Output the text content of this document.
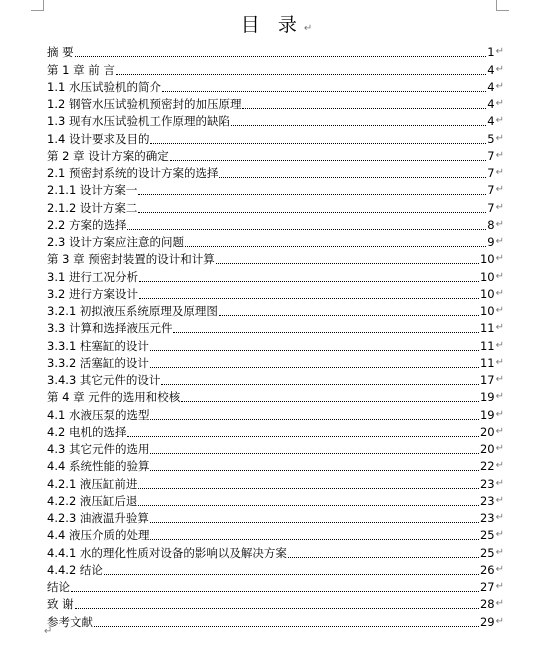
目 录↵
摘 要	1 ↵
第 1 章 前 言	4 ↵
1.1 水压试验机的简介	4 ↵
1.2 钢管水压试验机预密封的加压原理	4 ↵
1.3 现有水压试验机工作原理的缺陷	4 ↵
1.4 设计要求及目的	5 ↵
第 2 章 设计方案的确定	7 ↵
2.1 预密封系统的设计方案的选择	7 ↵
2.1.1 设计方案一	7 ↵
2.1.2 设计方案二	7 ↵
2.2 方案的选择	8 ↵
2.3 设计方案应注意的问题	9 ↵
第 3 章 预密封装置的设计和计算	10 ↵
3.1 进行工况分析	10 ↵
3.2 进行方案设计	10 ↵
3.2.1 初拟液压系统原理及原理图	10 ↵
3.3 计算和选择液压元件	11 ↵
3.3.1 柱塞缸的设计	11 ↵
3.3.2 活塞缸的设计	11 ↵
3.4.3 其它元件的设计	17 ↵
第 4 章 元件的选用和校核	19 ↵
4.1 水液压泵的选型	19 ↵
4.2 电机的选择	20 ↵
4.3 其它元件的选用	20 ↵
4.4 系统性能的验算	22 ↵
4.2.1 液压缸前进	23 ↵
4.2.2 液压缸后退	23 ↵
4.2.3 油液温升验算	23 ↵
4.4 液压介质的处理	25 ↵
4.4.1 水的理化性质对设备的影响以及解决方案	25 ↵
4.4.2 结论	26 ↵
结论	27 ↵
致 谢	28 ↵
参考文献	29 ↵
↵
